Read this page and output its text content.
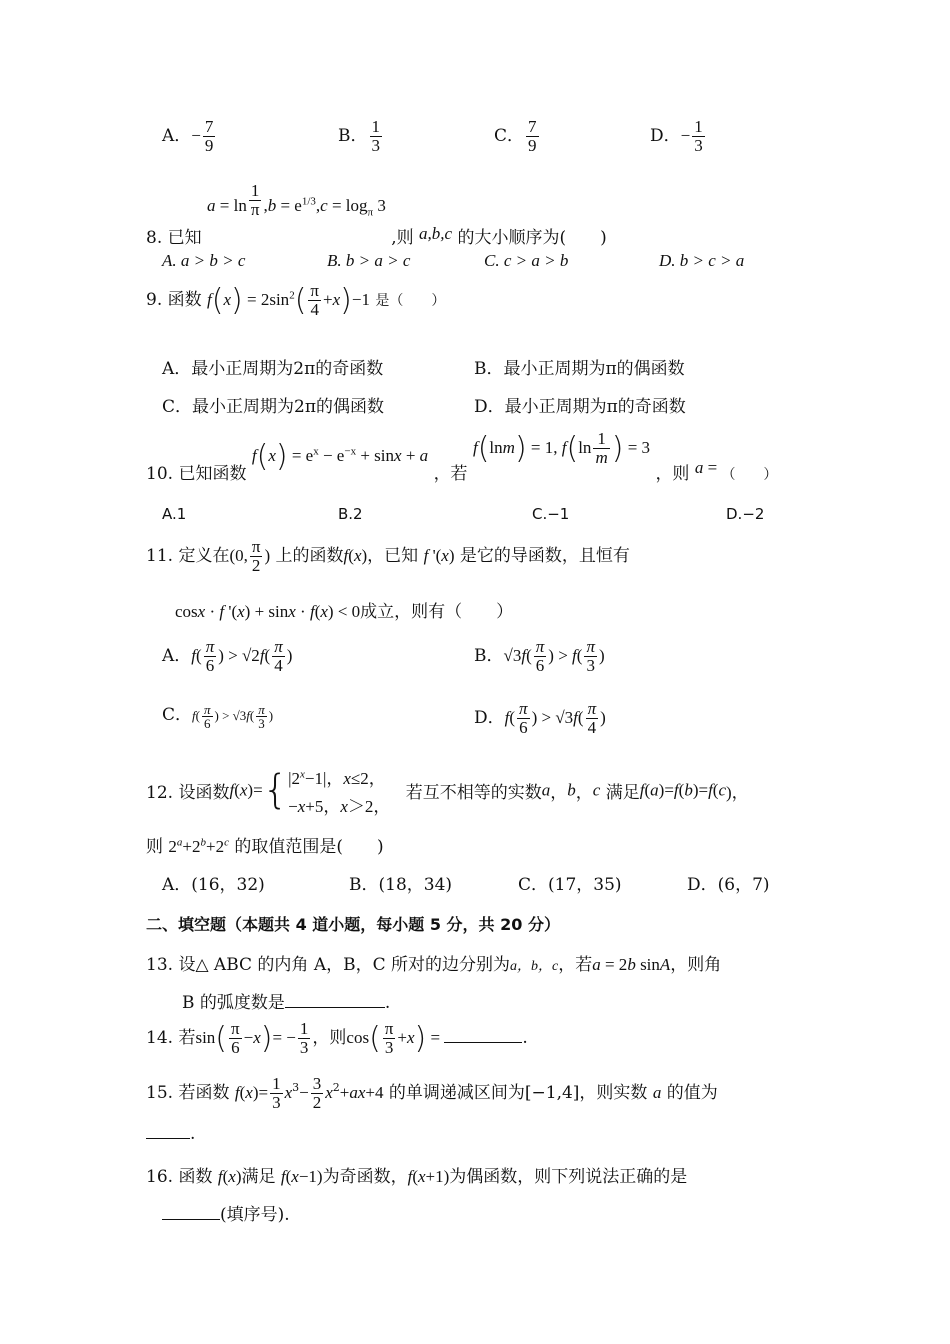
A．− $\frac{7}{9}$	B． $\frac{1}{3}$	C． $\frac{7}{9}$	D．− $\frac{1}{3}$
8. 已知 $a = \ln \frac{1}{\pi} ,b = e^{1/3},c = \log_\pi 3$ ,则 a,b,c 的大小顺序为(　　)
A. a > b > c	B. b > a > c	C. c > a > b	D. b > c > a
9. 函数 $f(x) = 2\sin^2( \frac{\pi}{4} +x)-1$ 是（　　）
A．最小正周期为2π的奇函数	B．最小正周期为π的偶函数
C．最小正周期为2π的偶函数	D．最小正周期为π的奇函数
10. 已知函数 $f(x) = e^x - e^{-x} + \sin x + a$ ，若 f(lnm) = 1, $f(\ln \frac{1}{m}$ ) = 3 ，则 a = $_{( )}$
A.1	B.2	C.−1	D.−2
11. 定义在(0, $\frac{\pi}{2}$ ) 上的函数f(x)，已知 f '(x) 是它的导函数，且恒有
cosx · f '(x) + sinx · f(x) < 0成立，则有（　　）
A．$f( \frac{\pi}{6}$ ) > $√2f( \frac{\pi}{4}$ )	B．$√3f( \frac{\pi}{6}$ ) > $f( \frac{\pi}{3}$ )
C．$f( \frac{\pi}{6}$ ) > $√3f( \frac{\pi}{3}$ )	D．$f( \frac{\pi}{6}$ ) > $√3f( \frac{\pi}{4}$ )
12. 设函数$f(x)=\{|2^x-1|$，x≤2，
−x+5，x＞2， 若互不相等的实数a，b，c 满足f(a)=f(b)=f(c)，
则 $2^a+2^b+2^c$ 的取值范围是(　　)
A．(16，32)	B．(18，34)	C．(17，35)	D．(6，7)
二、填空题（本题共 4 道小题，每小题 5 分，共 20 分）
13. 设△ ABC 的内角 A，B，C 所对的边分别为a，b，c，若a = 2b sinA，则角
B 的弧度数是	.
14. 若$\sin( \frac{\pi}{6} -x)= - \frac{1}{3}$ ，则$\cos( \frac{\pi}{3} +x)$ =	.
15. 若函数 $f(x)= \frac{1}{3} x^3- \frac{3}{2} x^2+ax+4$ 的单调递减区间为[−1,4]，则实数 a 的值为
.
16. 函数 f(x)满足 f(x−1)为奇函数，f(x+1)为偶函数，则下列说法正确的是
(填序号).
